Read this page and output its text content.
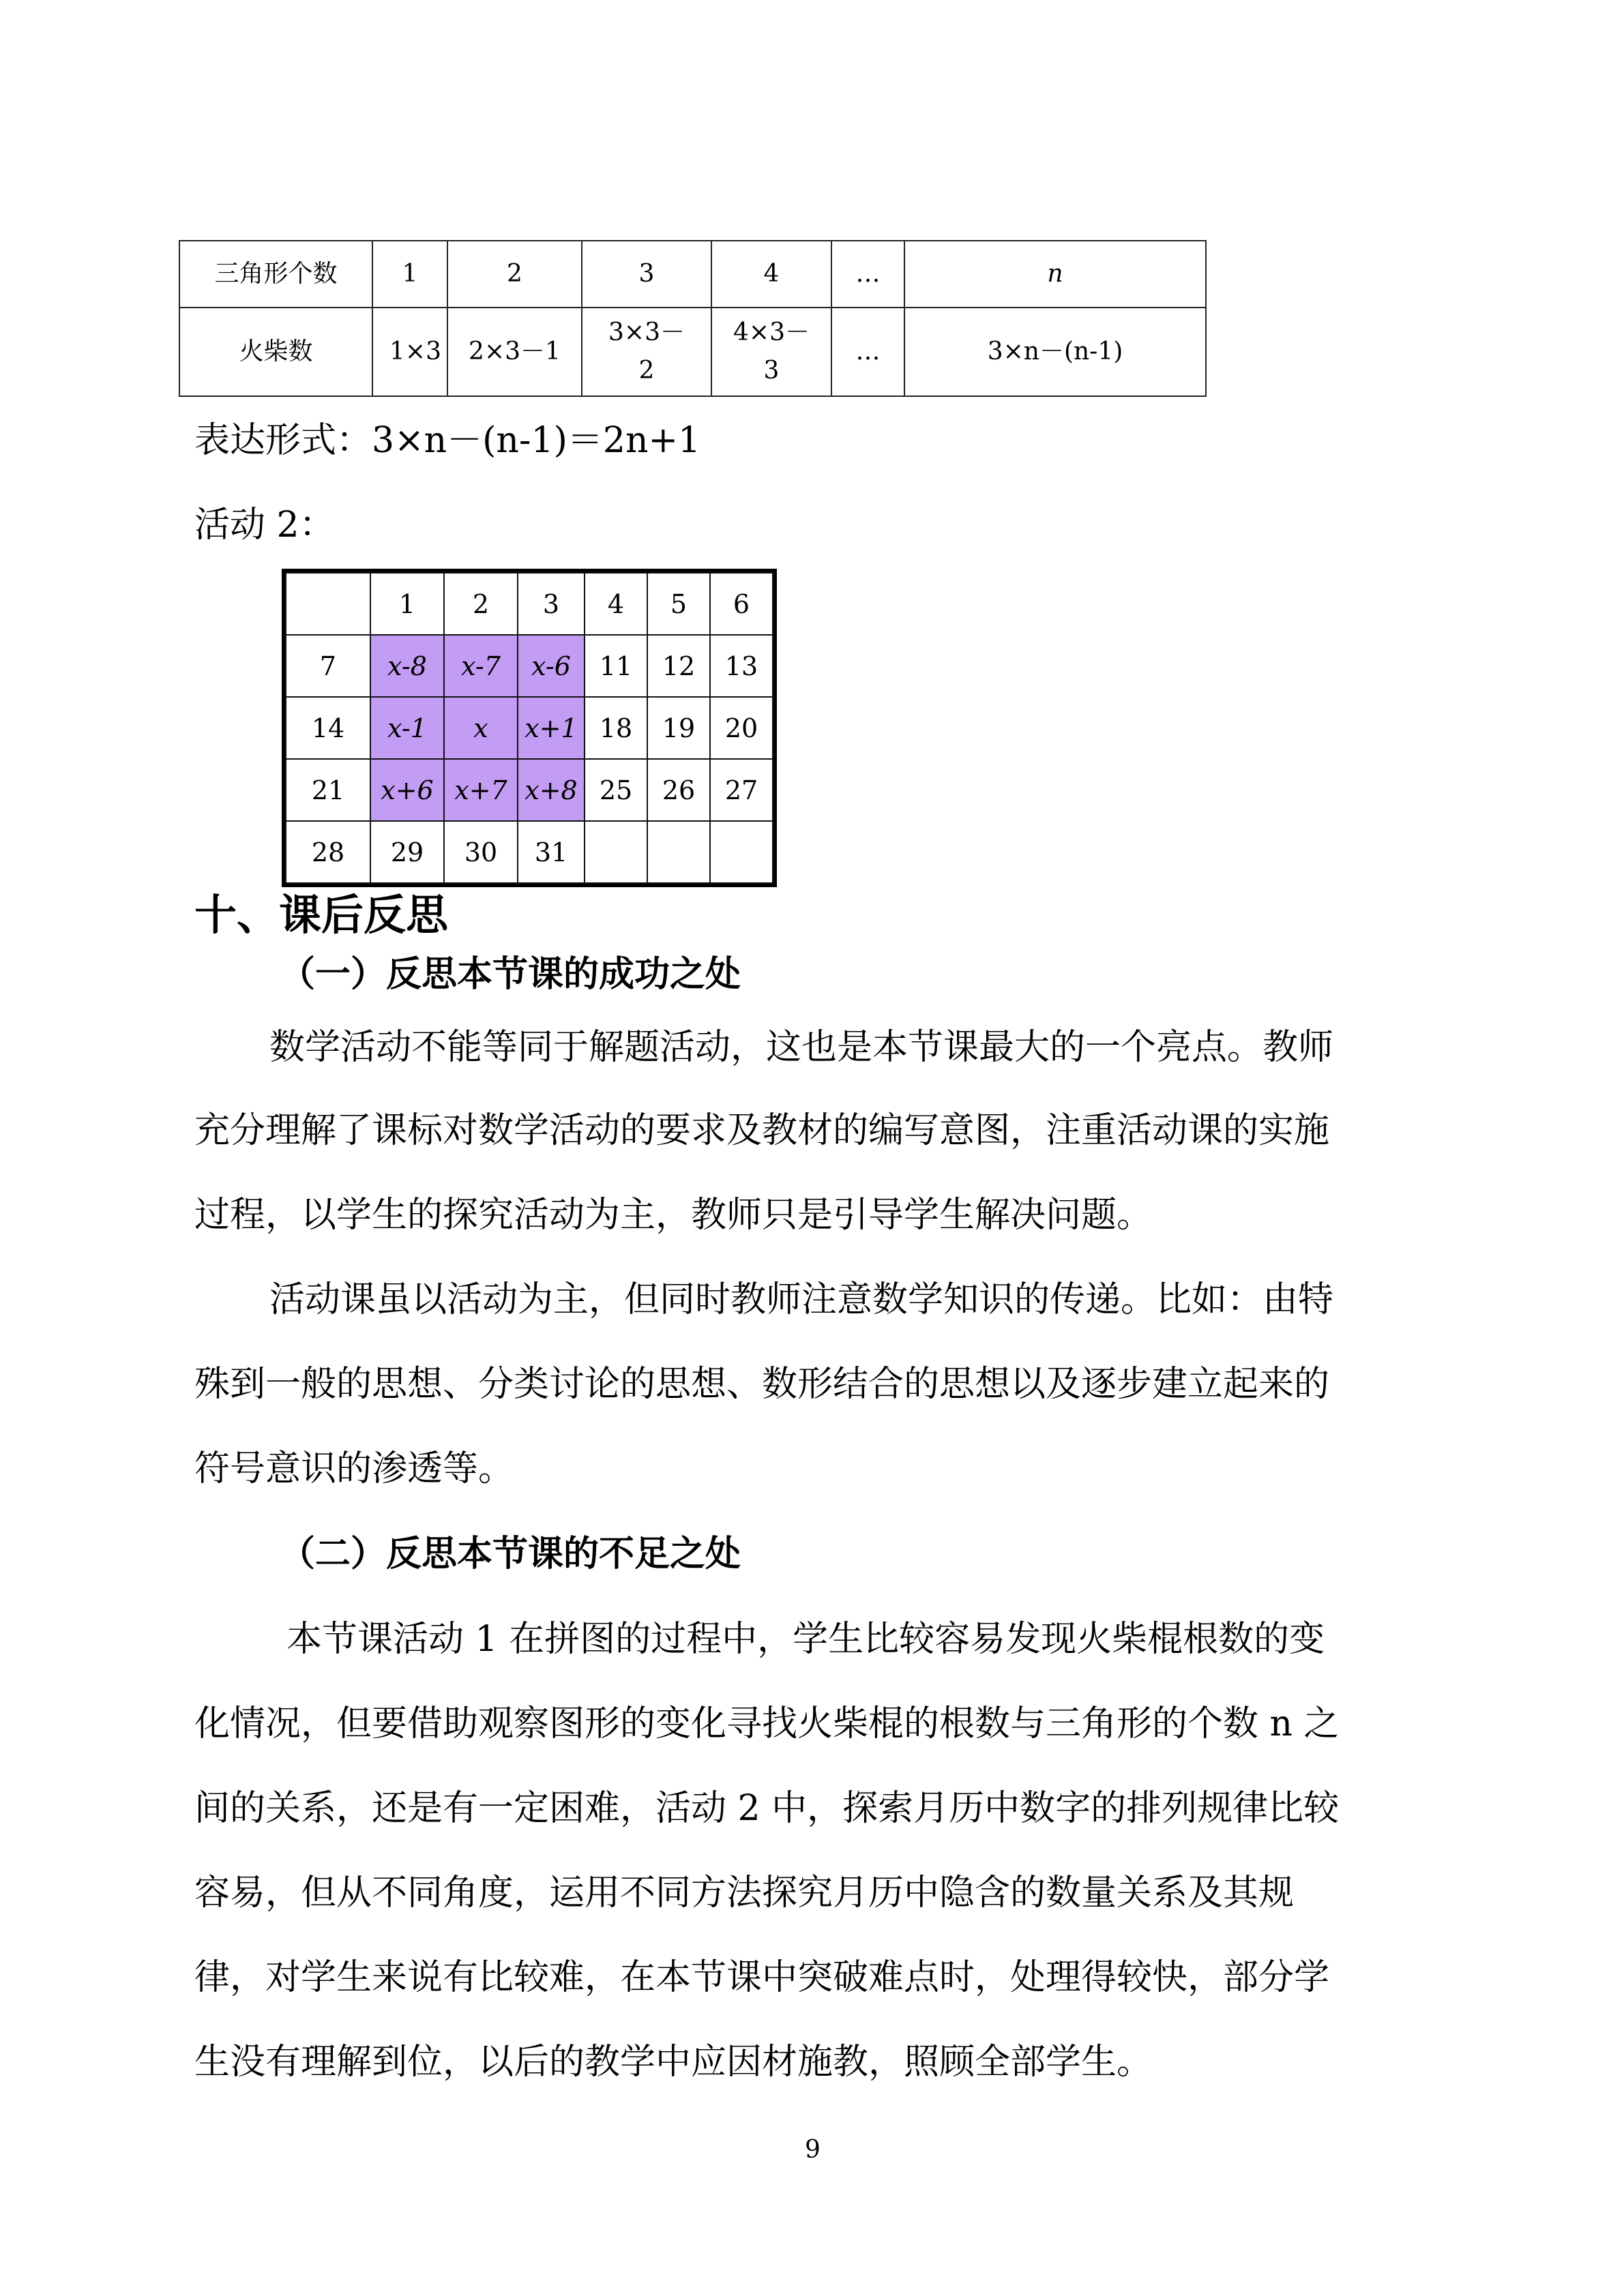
三角形个数	1	2	3	4	…	n
火柴数	1×3	2×3－1	3×3－2	4×3－3	…	3×n－(n-1)
表达形式：3×n－(n-1)＝2n+1
活动 2：
	1	2	3	4	5	6
7	x-8	x-7	x-6	11	12	13
14	x-1	x	x+1	18	19	20
21	x+6	x+7	x+8	25	26	27
28	29	30	31			
十、课后反思
（一）反思本节课的成功之处
数学活动不能等同于解题活动，这也是本节课最大的一个亮点。教师
充分理解了课标对数学活动的要求及教材的编写意图，注重活动课的实施
过程，以学生的探究活动为主，教师只是引导学生解决问题。
活动课虽以活动为主，但同时教师注意数学知识的传递。比如：由特
殊到一般的思想、分类讨论的思想、数形结合的思想以及逐步建立起来的
符号意识的渗透等。
（二）反思本节课的不足之处
本节课活动 1 在拼图的过程中，学生比较容易发现火柴棍根数的变
化情况，但要借助观察图形的变化寻找火柴棍的根数与三角形的个数 n 之
间的关系，还是有一定困难，活动 2 中，探索月历中数字的排列规律比较
容易，但从不同角度，运用不同方法探究月历中隐含的数量关系及其规
律，对学生来说有比较难，在本节课中突破难点时，处理得较快，部分学
生没有理解到位，以后的教学中应因材施教，照顾全部学生。
9
